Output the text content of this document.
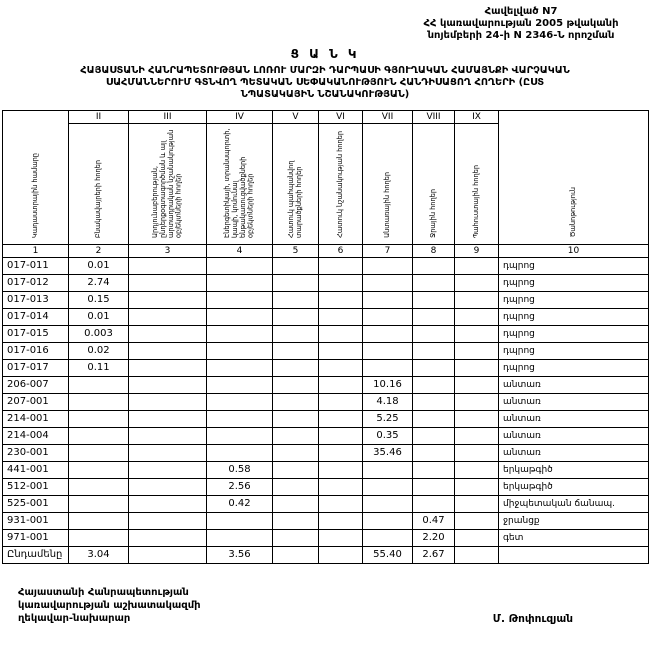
Հավելված N7
ՀՀ կառավարության 2005 թվականի
նոյեմբերի 24-ի N 2346-Ն որոշման
Ց Ա Ն Կ
ՀԱՅԱՍՏԱՆԻ ՀԱՆՐԱՊԵՏՈՒԹՅԱՆ ԼՈՌՈՒ ՄԱՐԶԻ ԴԱՐՊԱՍԻ ԳՅՈՒՂԱԿԱՆ ՀԱՄԱՅՆՔԻ ՎԱՐՉԱԿԱՆ
ՍԱՀՄԱՆՆԵՐՈՒՄ ԳՏՆՎՈՂ ՊԵՏԱԿԱՆ ՍԵՓԱԿԱՆՈՒԹՅՈՒՆ ՀԱՆԴԻՍԱՑՈՂ ՀՈՂԵՐԻ (ԸՍՏ
ՆՊԱՏԱԿԱՅԻՆ ՆՇԱՆԱԿՈՒԹՅԱՆ)
Կադաստրային համարը	II	III	IV	V	VI	VII	VIII	IX	Ծանոթություն
	Բնակավայրերի հողեր	Արդյունաբերության, ընդերքօգտագործման և այլ արտադրական նշանակության օբյեկտների հողեր	Էներգետիկայի, տրանսպորտի, կապի, կոմունալ ենթակառուցվածքների օբյեկտների հողեր	Հատուկ պահպանվող տարածքների հողեր	Հատուկ նշանակության հողեր	Անտառային հողեր	Ջրային հողեր	Պահուստային հողեր	
1	2	3	4	5	6	7	8	9	10
017-011	0.01								դպրոց
017-012	2.74								դպրոց
017-013	0.15								դպրոց
017-014	0.01								դպրոց
017-015	0.003								դպրոց
017-016	0.02								դպրոց
017-017	0.11								դպրոց
206-007						10.16			անտառ
207-001						4.18			անտառ
214-001						5.25			անտառ
214-004						0.35			անտառ
230-001						35.46			անտառ
441-001			0.58						երկաթգիծ
512-001			2.56						երկաթգիծ
525-001			0.42						միջպետական ճանապ.
931-001							0.47		ջրանցք
971-001							2.20		գետ
Ընդամենը	3.04		3.56			55.40	2.67		
Հայաստանի Հանրապետության
կառավարության աշխատակազմի
ղեկավար-նախարար	Մ. Թոփուզյան
